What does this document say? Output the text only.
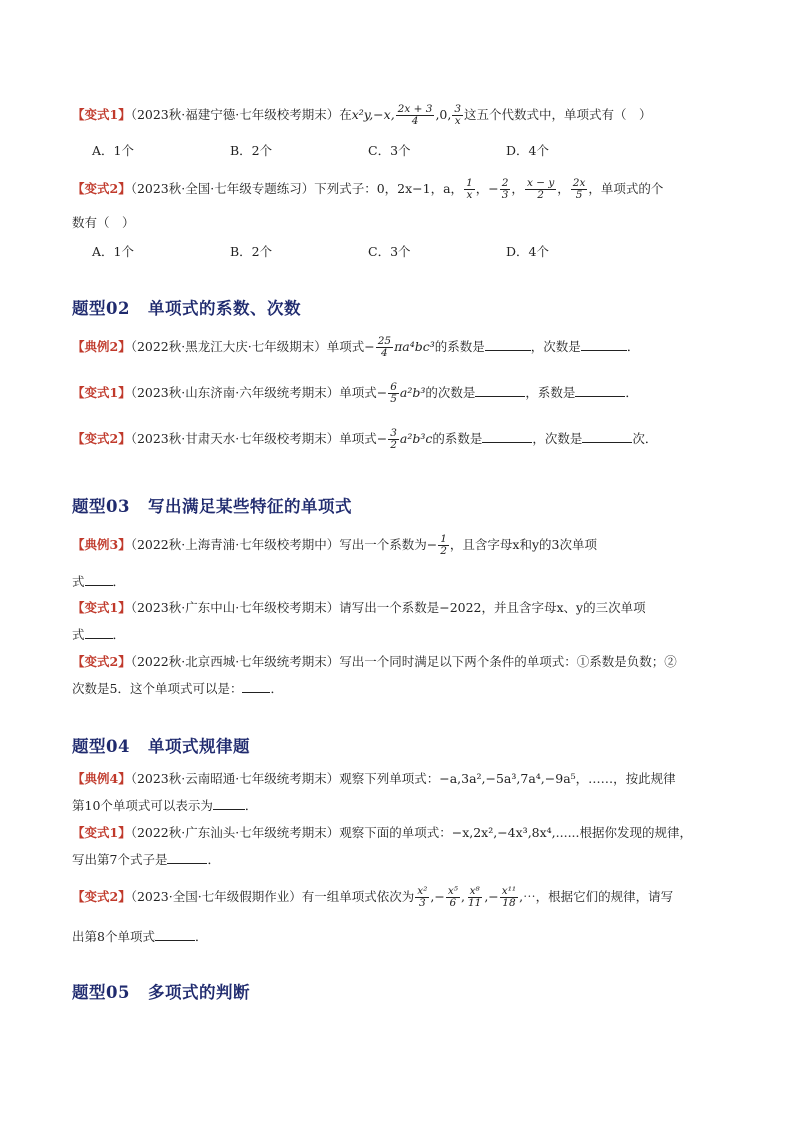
【变式1】（2023秋·福建宁德·七年级校考期末）在x²y,−x, $\frac{2x + 3}{4} ,0$, $\frac{3}{x}$ 这五个代数式中，单项式有（　）
A．1个	B．2个	C．3个	D．4个
【变式2】（2023秋·全国·七年级专题练习）下列式子：0，2x−1，a， $\frac{1}{x}$ ，− $\frac{2}{3}$ ， $\frac{x - y}{2}$ ， $\frac{2x}{5}$ ，单项式的个
数有（　）
A．1个	B．2个	C．3个	D．4个
题型02 单项式的系数、次数
【典例2】（2022秋·黑龙江大庆·七年级期末）单项式− $\frac{25}{4} \pi a^4bc^3$的系数是	，次数是	．
【变式1】（2023秋·山东济南·六年级统考期末）单项式− $\frac{6}{5} a^2b^3$的次数是	，系数是	．
【变式2】（2023秋·甘肃天水·七年级校考期末）单项式− $\frac{3}{2} a^2b^3c$的系数是	，次数是	次．
题型03 写出满足某些特征的单项式
【典例3】（2022秋·上海青浦·七年级校考期中）写出一个系数为− $\frac{1}{2}$ ，且含字母x和y的3次单项
式 ．
【变式1】（2023秋·广东中山·七年级校考期末）请写出一个系数是−2022，并且含字母x、y的三次单项
式 ．
【变式2】（2022秋·北京西城·七年级统考期末）写出一个同时满足以下两个条件的单项式：①系数是负数；②
次数是5．这个单项式可以是： ．
题型04 单项式规律题
【典例4】（2023秋·云南昭通·七年级统考期末）观察下列单项式：−a,3a²,−5a³,7a⁴,−9a⁵，……，按此规律
第10个单项式可以表示为	．
【变式1】（2022秋·广东汕头·七年级统考期末）观察下面的单项式：−x,2x²,−4x³,8x⁴,......根据你发现的规律，
写出第7个式子是	．
【变式2】（2023·全国·七年级假期作业）有一组单项式依次为 $\frac{\text{x²}}{3}$ ,− $\frac{\text{x⁵}}{6}$ , $\frac{\text{x⁸}}{11}$ ,− $\frac{\text{x¹¹}}{18}$ ,⋯，根据它们的规律，请写
出第8个单项式	．
题型05 多项式的判断
